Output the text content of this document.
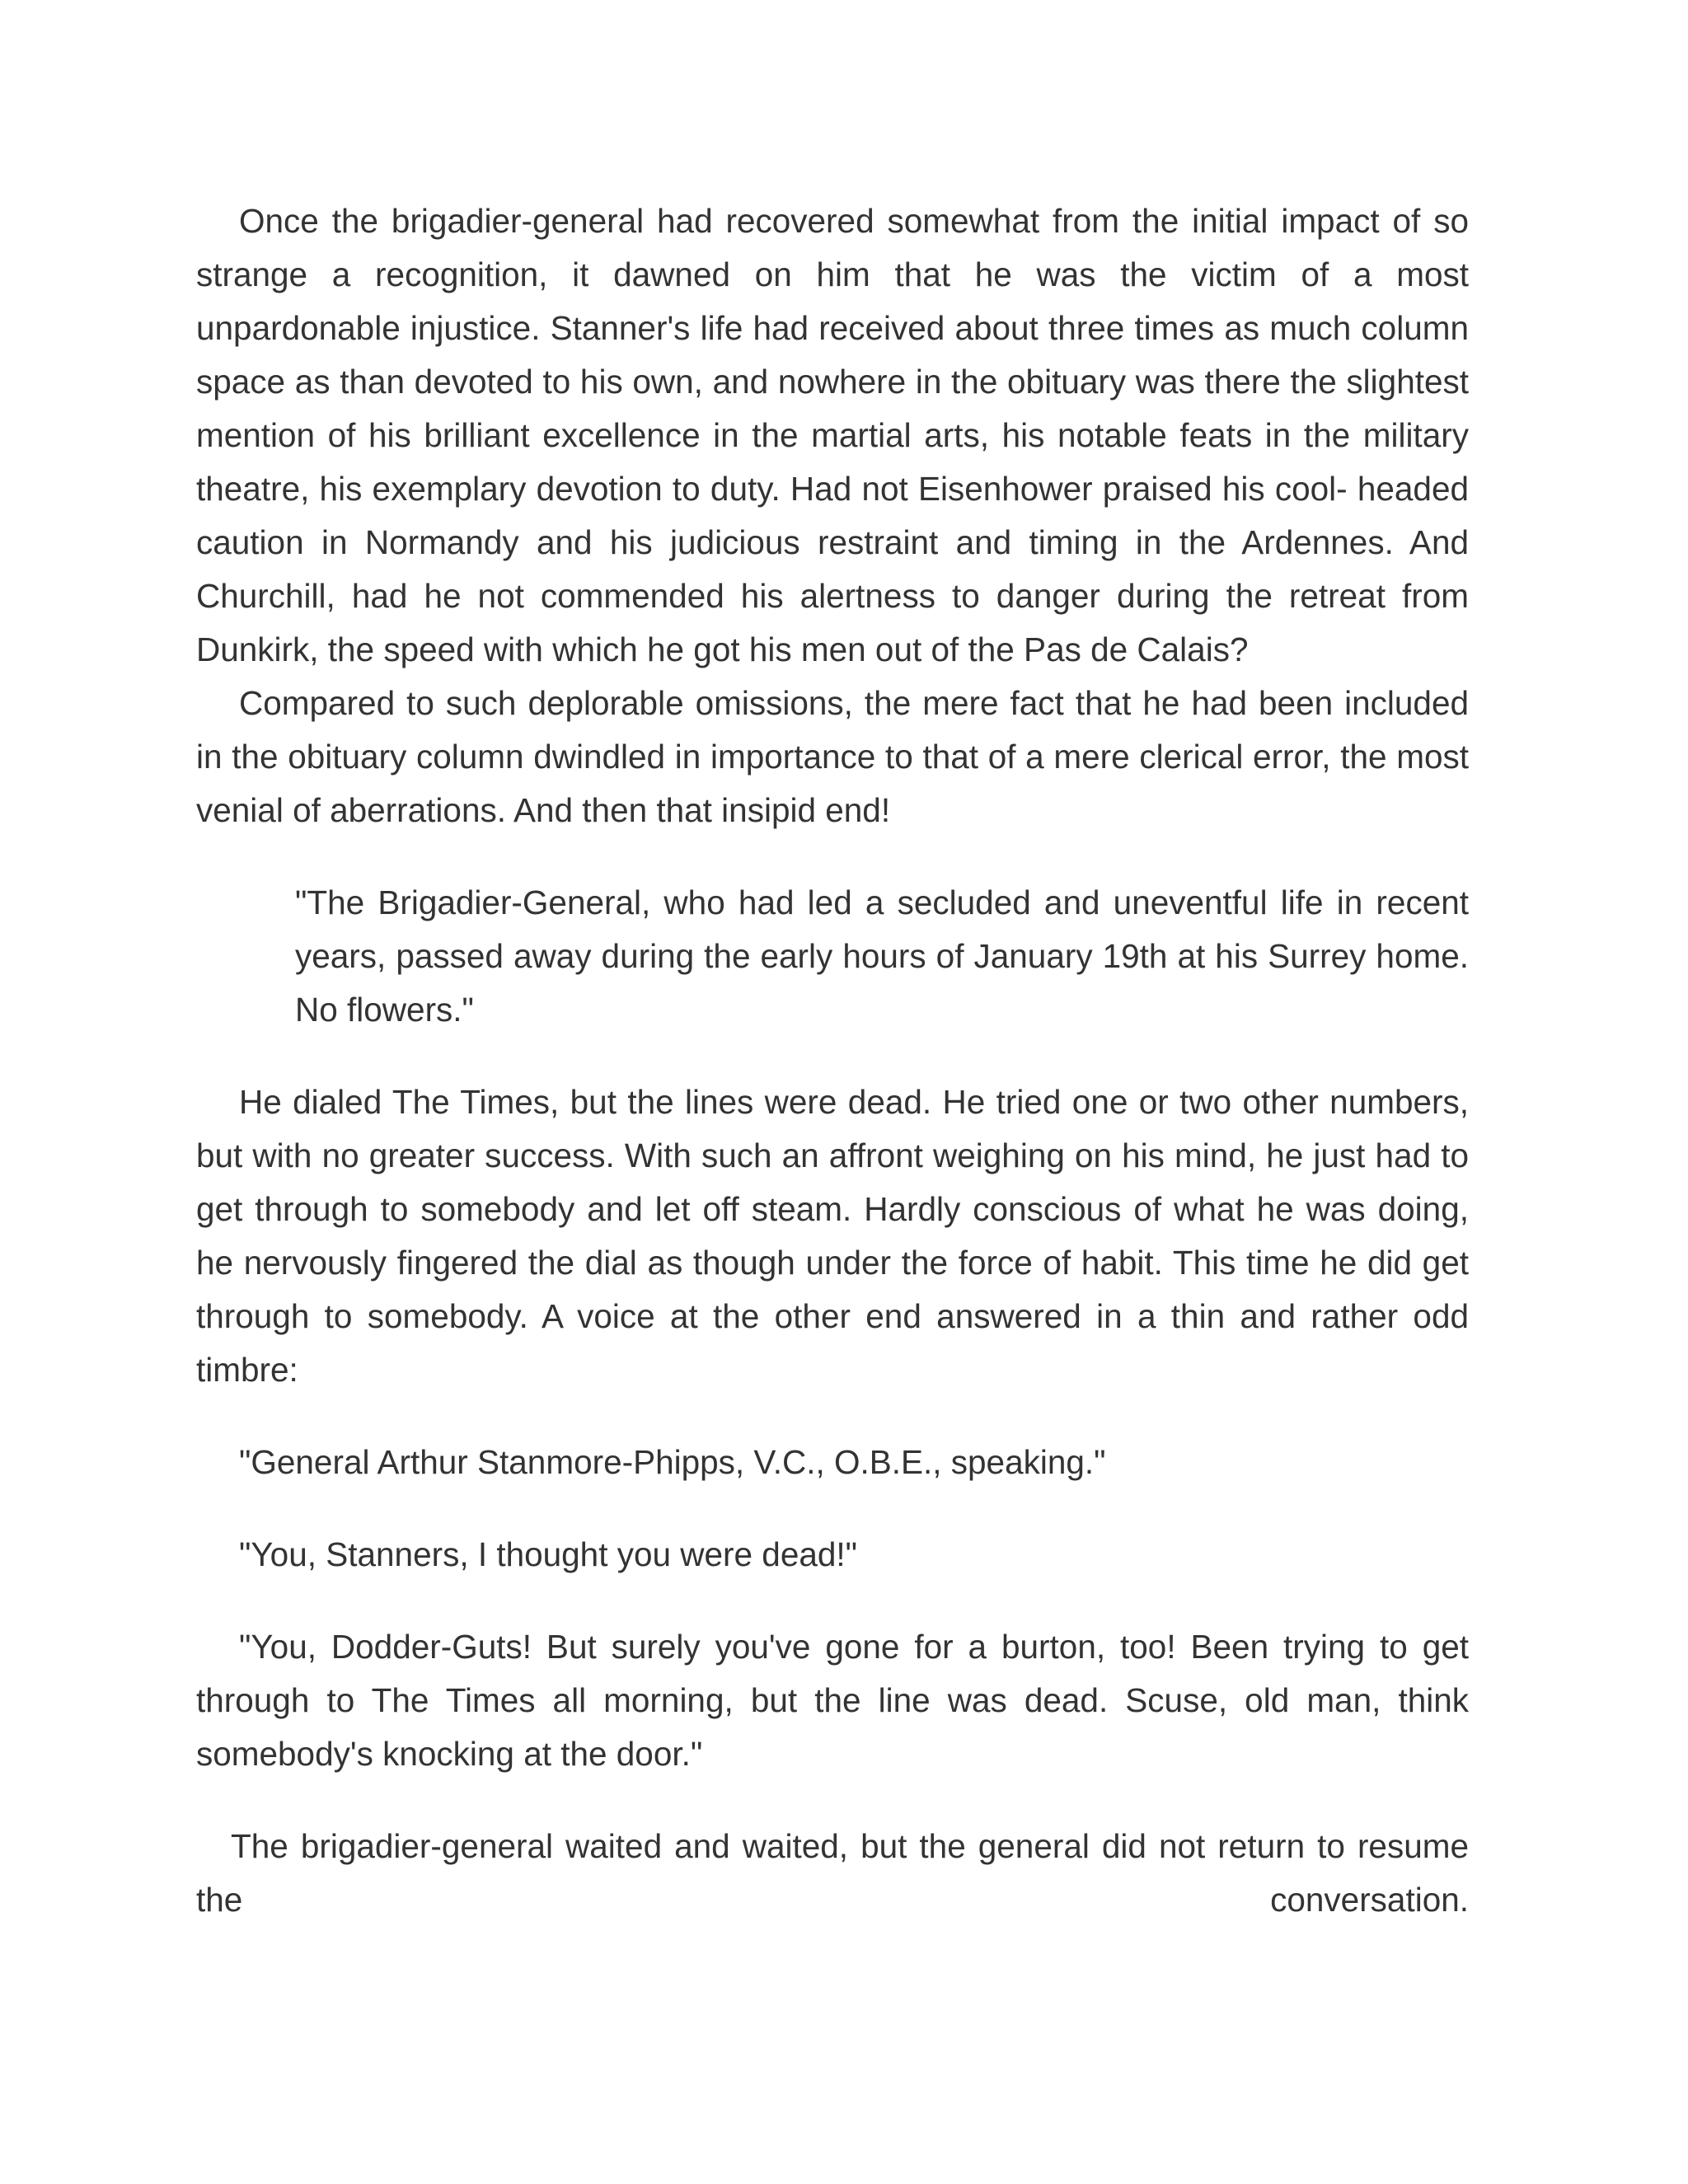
Once the brigadier-general had recovered somewhat from the initial impact of so strange a recognition, it dawned on him that he was the victim of a most unpardonable injustice. Stanner's life had received about three times as much column space as than devoted to his own, and nowhere in the obituary was there the slightest mention of his brilliant excellence in the martial arts, his notable feats in the military theatre, his exemplary devotion to duty. Had not Eisenhower praised his cool- headed caution in Normandy and his judicious restraint and timing in the Ardennes. And Churchill, had he not commended his alertness to danger during the retreat from Dunkirk, the speed with which he got his men out of the Pas de Calais?

Compared to such deplorable omissions, the mere fact that he had been included in the obituary column dwindled in importance to that of a mere clerical error, the most venial of aberrations. And then that insipid end!

"The Brigadier-General, who had led a secluded and uneventful life in recent years, passed away during the early hours of January 19th at his Surrey home. No flowers."

He dialed The Times, but the lines were dead. He tried one or two other numbers, but with no greater success. With such an affront weighing on his mind, he just had to get through to somebody and let off steam. Hardly conscious of what he was doing, he nervously fingered the dial as though under the force of habit. This time he did get through to somebody. A voice at the other end answered in a thin and rather odd timbre:

"General Arthur Stanmore-Phipps, V.C., O.B.E., speaking."

"You, Stanners, I thought you were dead!"

"You, Dodder-Guts! But surely you've gone for a burton, too! Been trying to get through to The Times all morning, but the line was dead. Scuse, old man, think somebody's knocking at the door."

The brigadier-general waited and waited, but the general did not return to resume the conversation.
